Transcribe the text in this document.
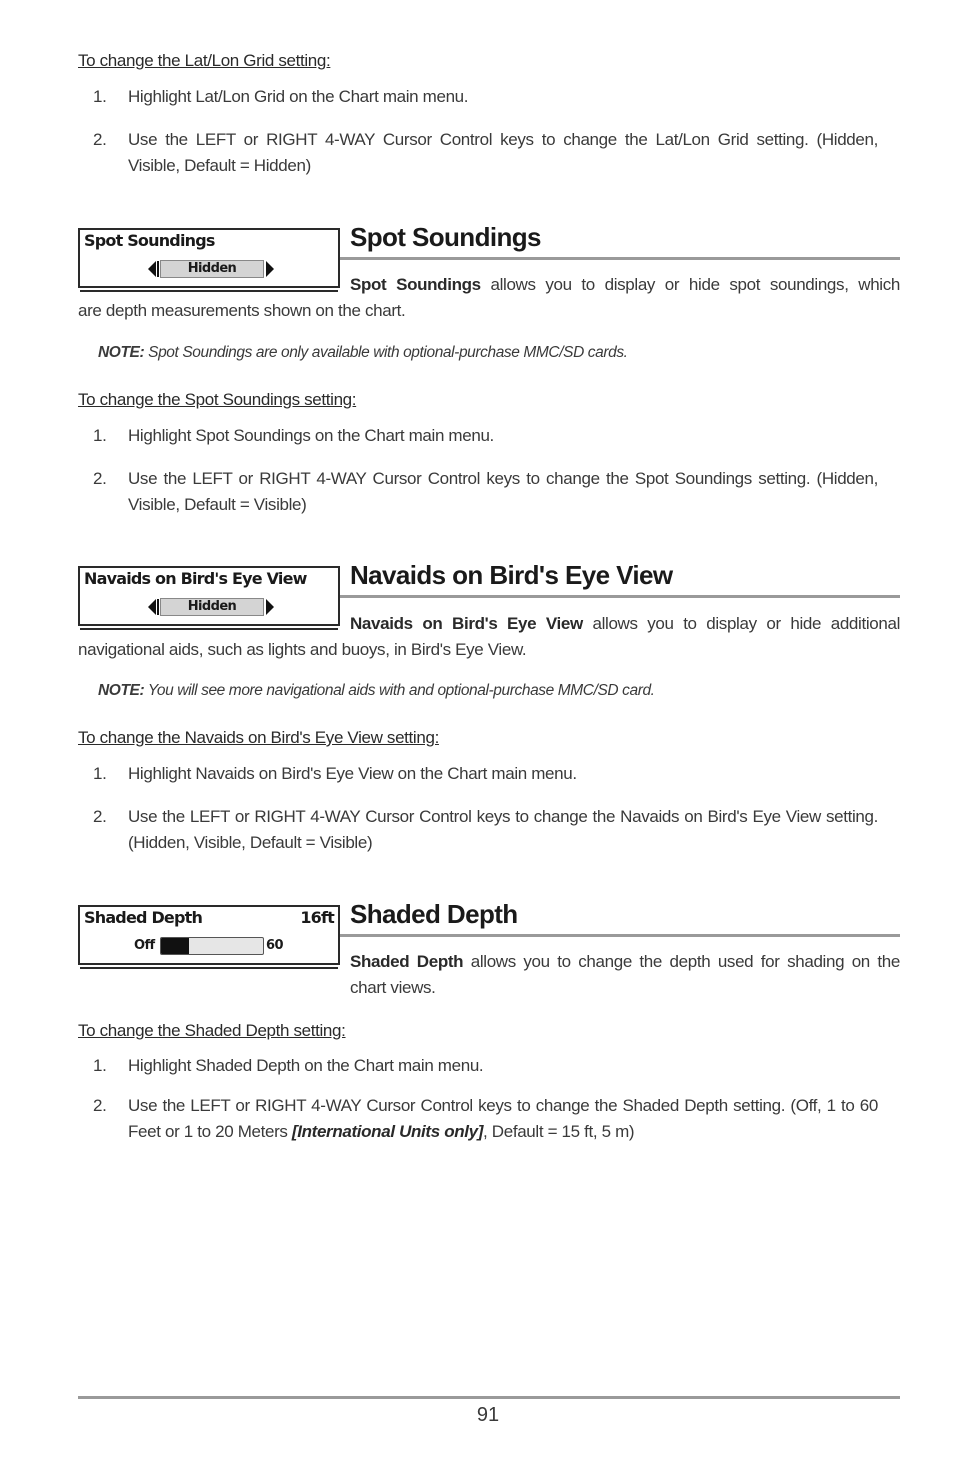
To change the Lat/Lon Grid setting:
1. Highlight Lat/Lon Grid on the Chart main menu.
2. Use the LEFT or RIGHT 4-WAY Cursor Control keys to change the Lat/Lon Grid setting. (Hidden, Visible, Default = Hidden)
Spot Soundings
Hidden
Spot Soundings
Spot Soundings allows you to display or hide spot soundings, which
are depth measurements shown on the chart.
NOTE: Spot Soundings are only available with optional-purchase MMC/SD cards.
To change the Spot Soundings setting:
1. Highlight Spot Soundings on the Chart main menu.
2. Use the LEFT or RIGHT 4-WAY Cursor Control keys to change the Spot Soundings setting. (Hidden, Visible, Default = Visible)
Navaids on Bird's Eye View
Hidden
Navaids on Bird's Eye View
Navaids on Bird's Eye View allows you to display or hide additional
navigational aids, such as lights and buoys, in Bird's Eye View.
NOTE: You will see more navigational aids with and optional-purchase MMC/SD card.
To change the Navaids on Bird's Eye View setting:
1. Highlight Navaids on Bird's Eye View on the Chart main menu.
2. Use the LEFT or RIGHT 4-WAY Cursor Control keys to change the Navaids on Bird's Eye View setting. (Hidden, Visible, Default = Visible)
Shaded Depth	16ft
Off	60
Shaded Depth
Shaded Depth allows you to change the depth used for shading on the chart views.
To change the Shaded Depth setting:
1. Highlight Shaded Depth on the Chart main menu.
2. Use the LEFT or RIGHT 4-WAY Cursor Control keys to change the Shaded Depth setting. (Off, 1 to 60 Feet or 1 to 20 Meters [International Units only], Default = 15 ft, 5 m)
91
